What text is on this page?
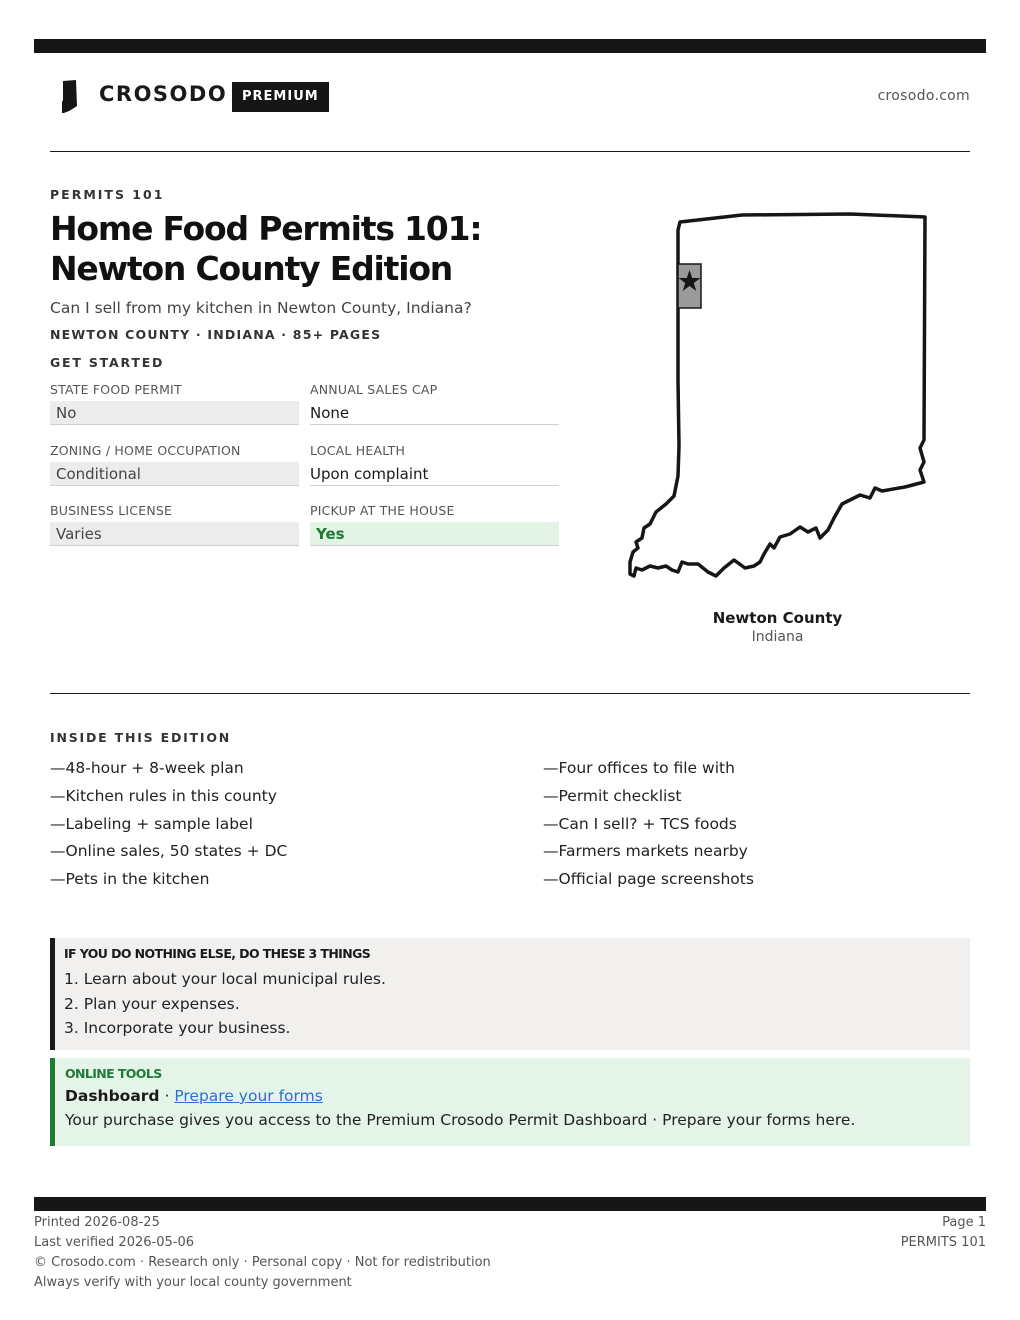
CROSODO	PREMIUM	crosodo.com
PERMITS 101
Home Food Permits 101: Newton County Edition
Can I sell from my kitchen in Newton County, Indiana?
NEWTON COUNTY · INDIANA · 85+ PAGES
GET STARTED
STATE FOOD PERMIT
No
ANNUAL SALES CAP
None
ZONING / HOME OCCUPATION
Conditional
LOCAL HEALTH
Upon complaint
BUSINESS LICENSE
Varies
PICKUP AT THE HOUSE
Yes
Newton County
Indiana
INSIDE THIS EDITION
—48-hour + 8-week plan
—Kitchen rules in this county
—Labeling + sample label
—Online sales, 50 states + DC
—Pets in the kitchen
—Four offices to file with
—Permit checklist
—Can I sell? + TCS foods
—Farmers markets nearby
—Official page screenshots
IF YOU DO NOTHING ELSE, DO THESE 3 THINGS
1. Learn about your local municipal rules.
2. Plan your expenses.
3. Incorporate your business.
ONLINE TOOLS
Dashboard · Prepare your forms
Your purchase gives you access to the Premium Crosodo Permit Dashboard · Prepare your forms here.
Printed 2026-08-25
Last verified 2026-05-06
© Crosodo.com · Research only · Personal copy · Not for redistribution
Always verify with your local county government
Page 1
PERMITS 101
